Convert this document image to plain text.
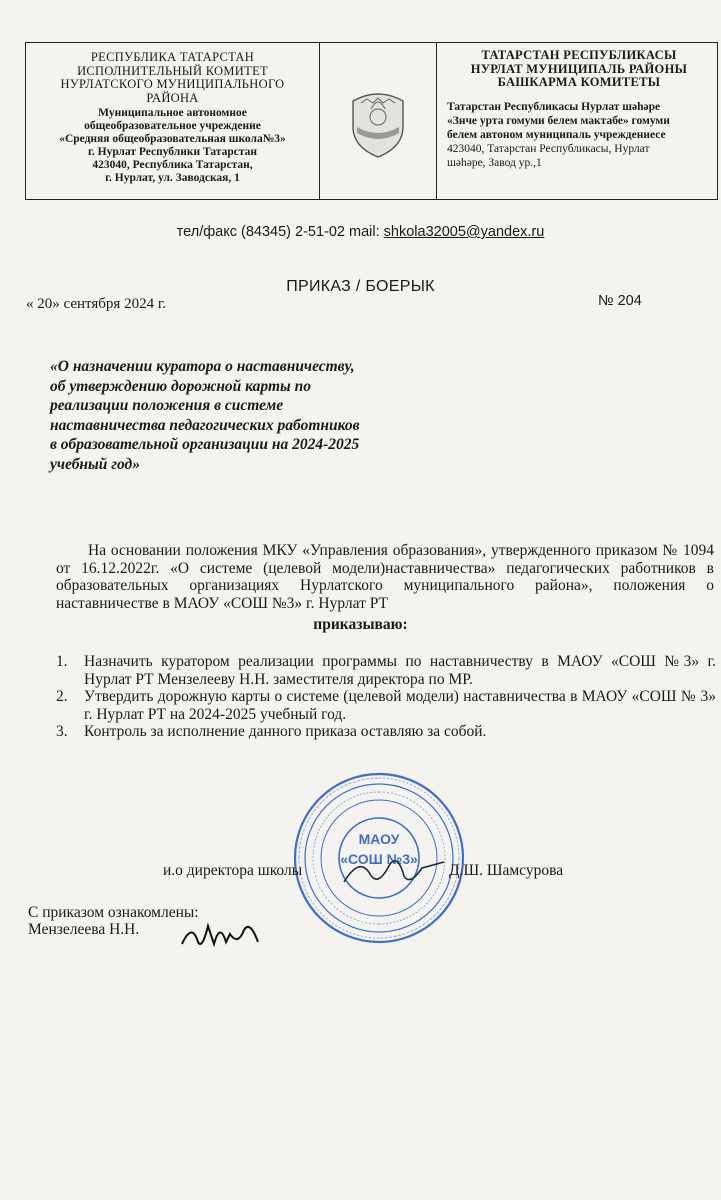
РЕСПУБЛИКА ТАТАРСТАН
ИСПОЛНИТЕЛЬНЫЙ КОМИТЕТ
НУРЛАТСКОГО МУНИЦИПАЛЬНОГО
РАЙОНА
Муниципальное автономное
общеобразовательное учреждение
«Средняя общеобразовательная школа№3»
г. Нурлат Республики Татарстан
423040, Республика Татарстан,
г. Нурлат, ул. Заводская, 1
ТАТАРСТАН РЕСПУБЛИКАСЫ
НУРЛАТ МУНИЦИПАЛЬ РАЙОНЫ
БАШКАРМА КОМИТЕТЫ
Татарстан Республикасы Нурлат шәһәре
«Знче урта гомуми белем мактабе» гомуми
белем автоном муниципаль учреждениесе
423040, Татарстан Республикасы, Нурлат
шәһәре, Завод ур.,1
тел/факс (84345) 2-51-02 mail: shkola32005@yandex.ru
ПРИКАЗ / БОЕРЫК
« 20» сентября 2024 г.	№ 204
«О назначении куратора о наставничеству, об утверждению дорожной карты по реализации положения в системе наставничества педагогических работников в образовательной организации на 2024-2025 учебный год»
На основании положения МКУ «Управления образования», утвержденного приказом № 1094 от 16.12.2022г. «О системе (целевой модели)наставничества» педагогических работников в образовательных организациях Нурлатского муниципального района», положения о наставничестве в МАОУ «СОШ №3» г. Нурлат РТ
приказываю:
1. Назначить куратором реализации программы по наставничеству в МАОУ «СОШ №3» г. Нурлат РТ Мензелееву Н.Н. заместителя директора по МР.
2. Утвердить дорожную карты о системе (целевой модели) наставничества в МАОУ «СОШ № 3» г. Нурлат РТ на 2024-2025 учебный год.
3. Контроль за исполнение данного приказа оставляю за собой.
МАОУ
«СОШ №3»
и.о директора школы	Д.Ш. Шамсурова
С приказом ознакомлены:
Мензелеева Н.Н.
